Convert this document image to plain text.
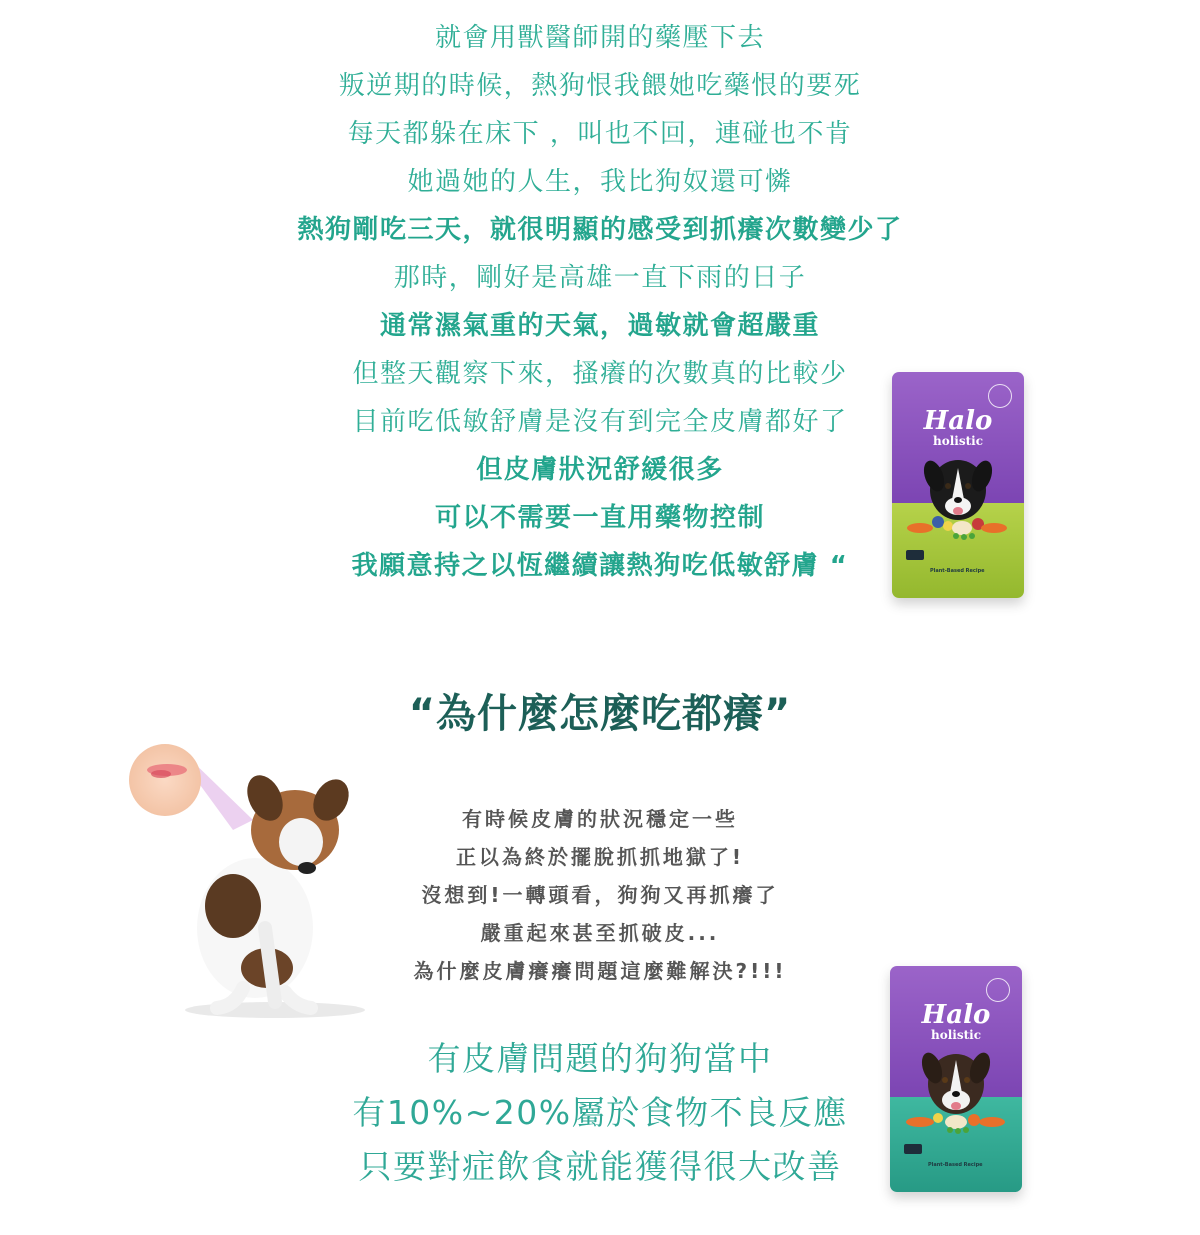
就會用獸醫師開的藥壓下去
叛逆期的時候，熱狗恨我餵她吃藥恨的要死
每天都躲在床下 ，叫也不回，連碰也不肯
她過她的人生，我比狗奴還可憐
熱狗剛吃三天，就很明顯的感受到抓癢次數變少了
那時，剛好是高雄一直下雨的日子
通常濕氣重的天氣，過敏就會超嚴重
但整天觀察下來，搔癢的次數真的比較少
目前吃低敏舒膚是沒有到完全皮膚都好了
但皮膚狀況舒緩很多
可以不需要一直用藥物控制
我願意持之以恆繼續讓熱狗吃低敏舒膚 “
Halo
holistic
Plant-Based Recipe
“為什麼怎麼吃都癢”
有時候皮膚的狀況穩定一些
正以為終於擺脫抓抓地獄了!
沒想到!一轉頭看，狗狗又再抓癢了
嚴重起來甚至抓破皮...
為什麼皮膚癢癢問題這麼難解決?!!!
Halo
holistic
Plant-Based Recipe
有皮膚問題的狗狗當中
有10%~20%屬於食物不良反應
只要對症飲食就能獲得很大改善
